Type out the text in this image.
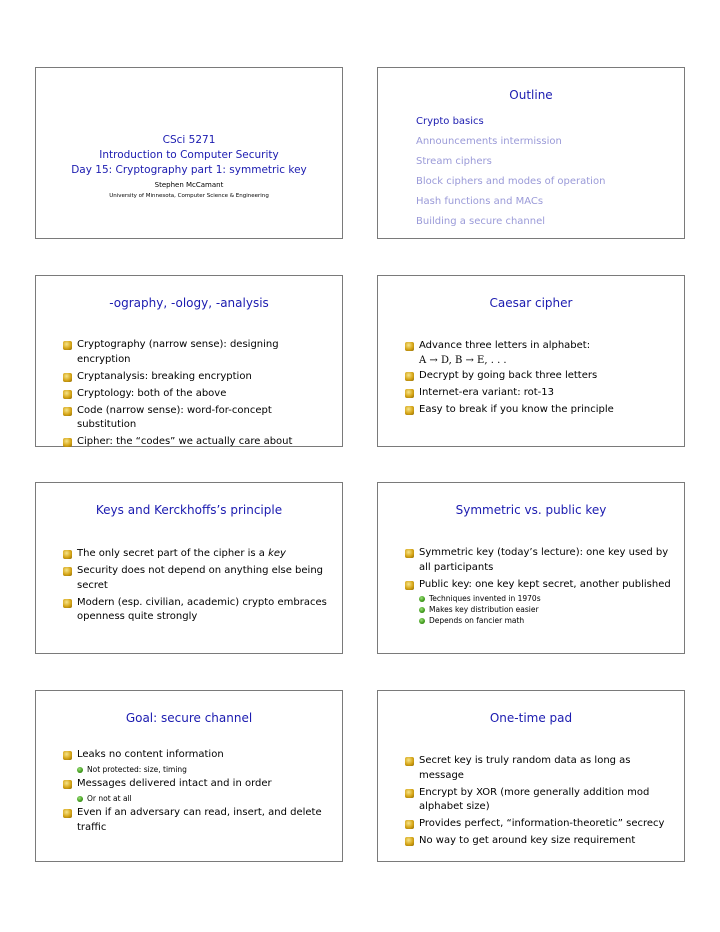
CSci 5271
Introduction to Computer Security
Day 15: Cryptography part 1: symmetric key
Stephen McCamant
University of Minnesota, Computer Science & Engineering
Outline
Crypto basics
Announcements intermission
Stream ciphers
Block ciphers and modes of operation
Hash functions and MACs
Building a secure channel
-ography, -ology, -analysis
Cryptography (narrow sense): designing encryption
Cryptanalysis: breaking encryption
Cryptology: both of the above
Code (narrow sense): word-for-concept substitution
Cipher: the “codes” we actually care about
Caesar cipher
Advance three letters in alphabet:
A → D, B → E, . . .
Decrypt by going back three letters
Internet-era variant: rot-13
Easy to break if you know the principle
Keys and Kerckhoffs’s principle
The only secret part of the cipher is a key
Security does not depend on anything else being secret
Modern (esp. civilian, academic) crypto embraces openness quite strongly
Symmetric vs. public key
Symmetric key (today’s lecture): one key used by all participants
Public key: one key kept secret, another published
Techniques invented in 1970s
Makes key distribution easier
Depends on fancier math
Goal: secure channel
Leaks no content information
Not protected: size, timing
Messages delivered intact and in order
Or not at all
Even if an adversary can read, insert, and delete traffic
One-time pad
Secret key is truly random data as long as message
Encrypt by XOR (more generally addition mod alphabet size)
Provides perfect, “information-theoretic” secrecy
No way to get around key size requirement
